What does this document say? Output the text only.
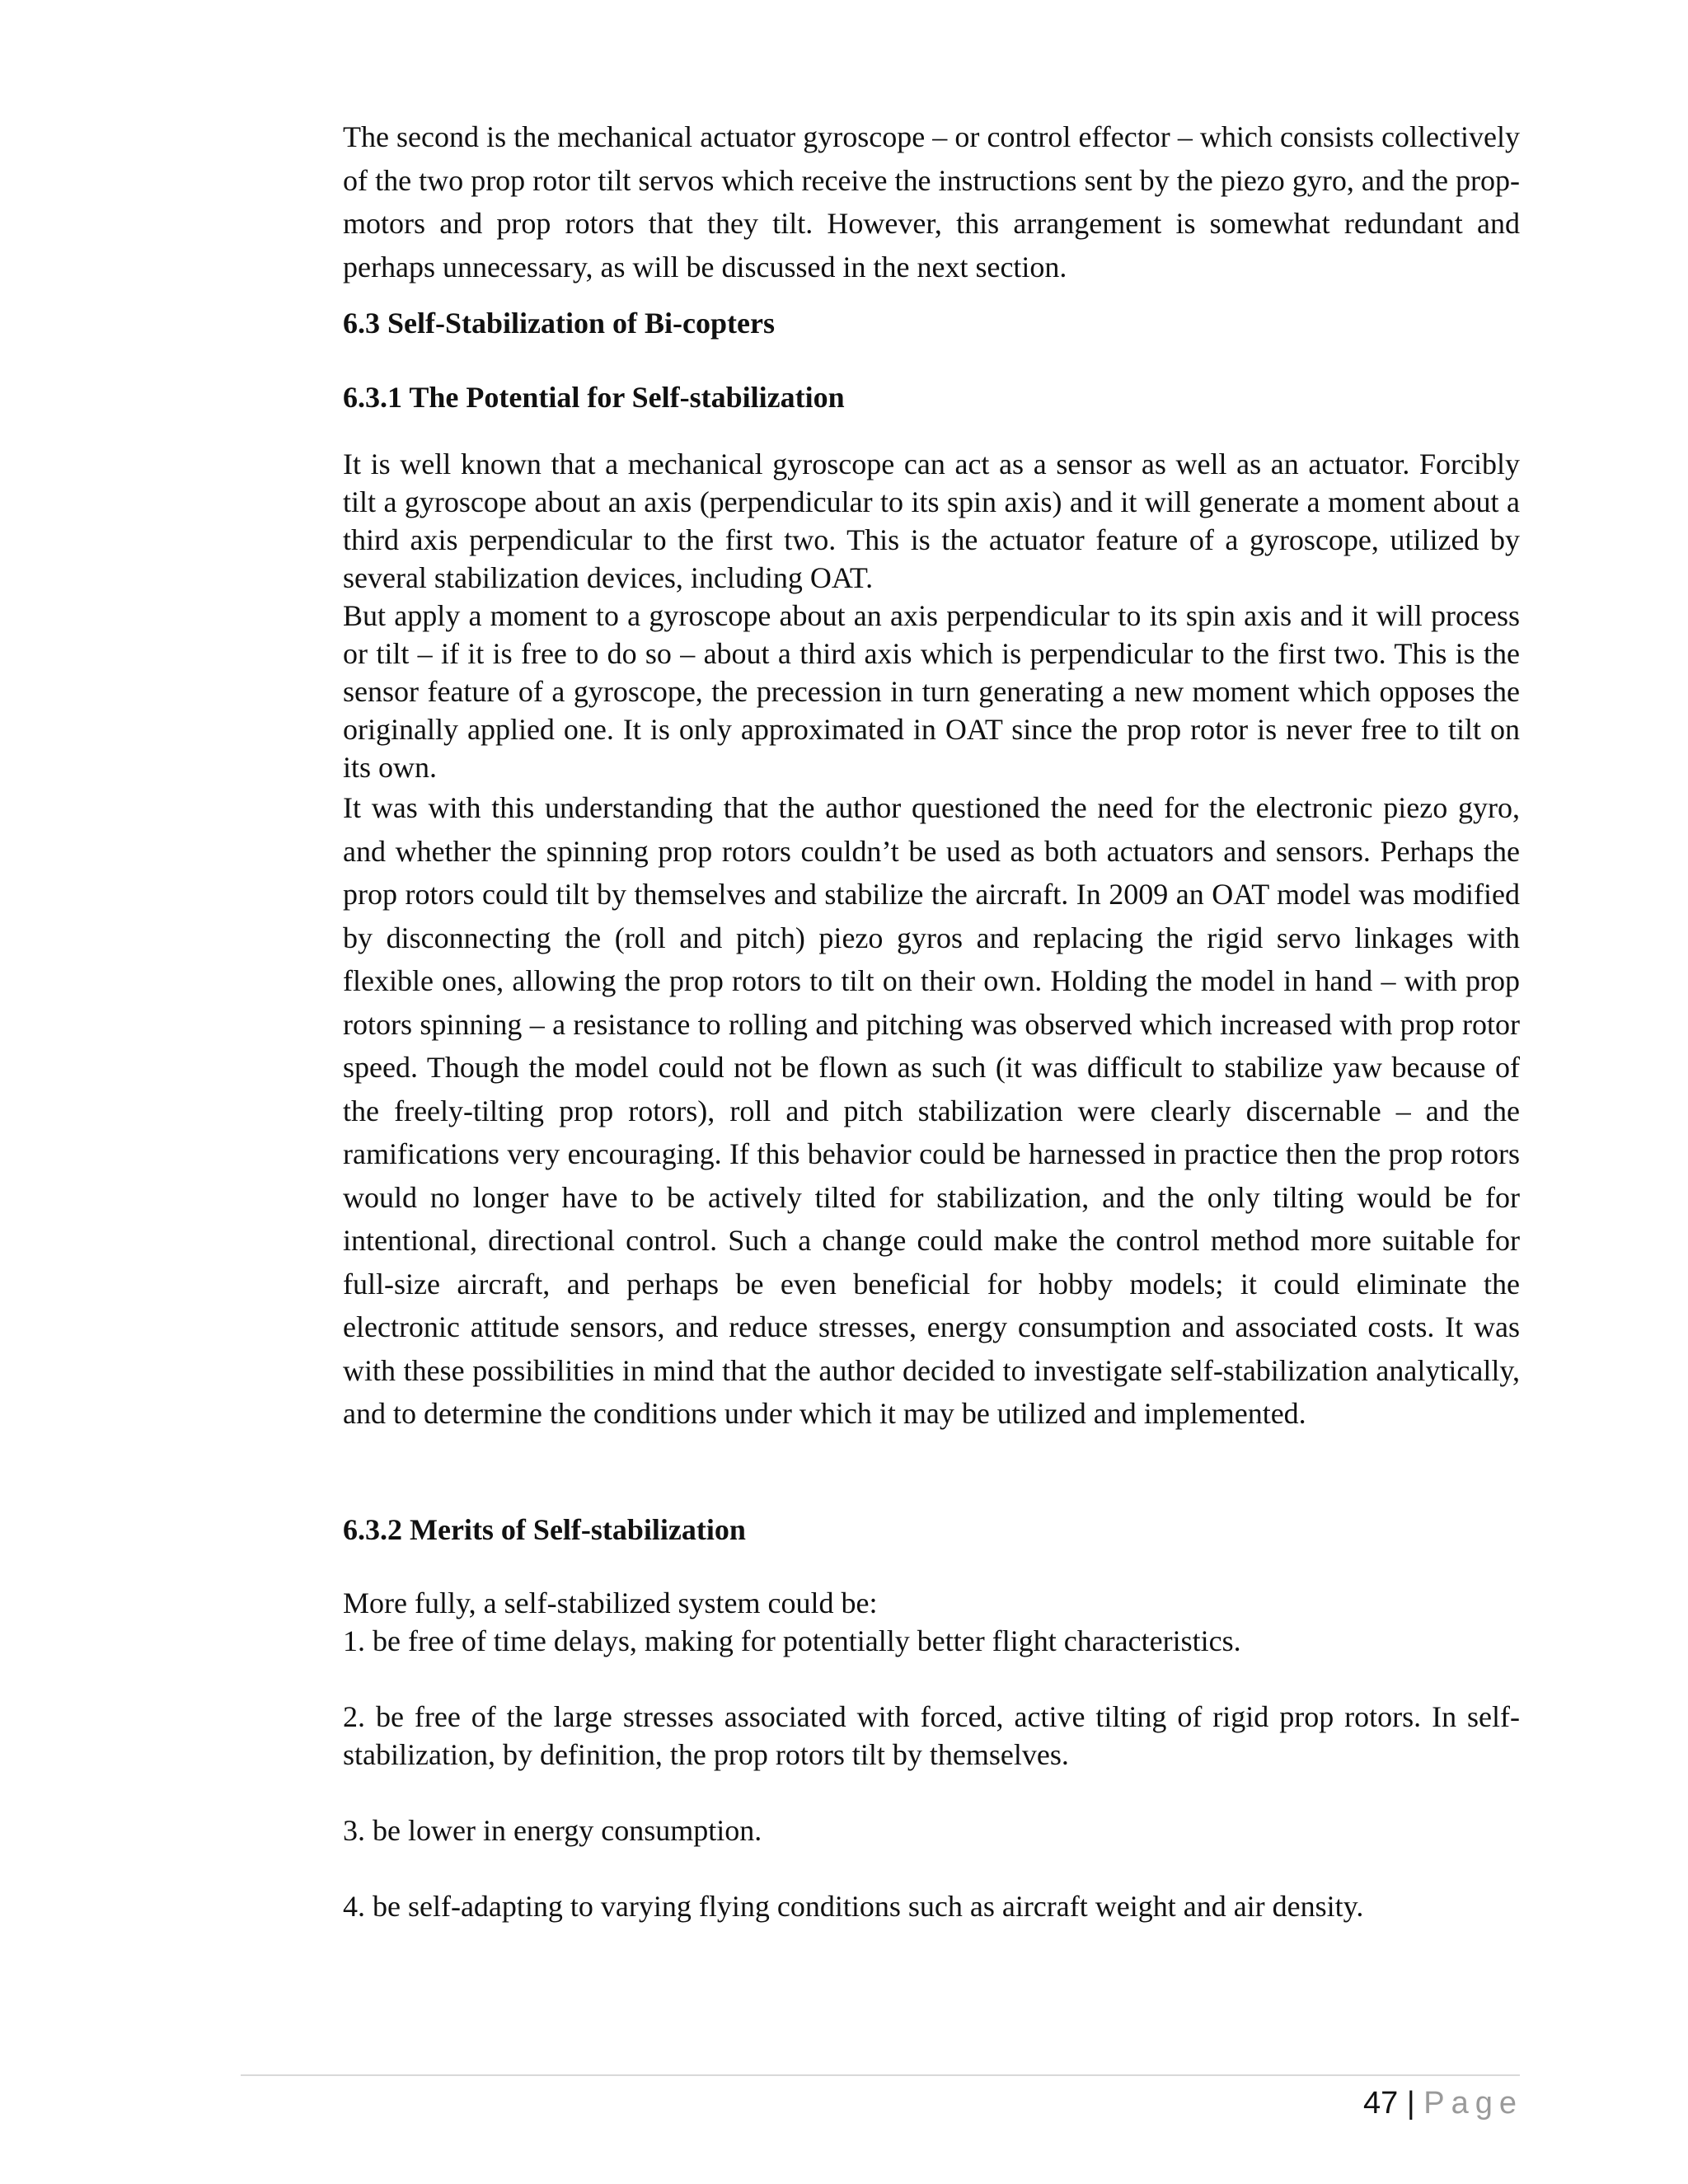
The second is the mechanical actuator gyroscope – or control effector – which consists collectively of the two prop rotor tilt servos which receive the instructions sent by the piezo gyro, and the prop-motors and prop rotors that they tilt. However, this arrangement is somewhat redundant and perhaps unnecessary, as will be discussed in the next section.

6.3 Self-Stabilization of Bi-copters
6.3.1 The Potential for Self-stabilization

It is well known that a mechanical gyroscope can act as a sensor as well as an actuator. Forcibly tilt a gyroscope about an axis (perpendicular to its spin axis) and it will generate a moment about a third axis perpendicular to the first two. This is the actuator feature of a gyroscope, utilized by several stabilization devices, including OAT.

But apply a moment to a gyroscope about an axis perpendicular to its spin axis and it will process or tilt – if it is free to do so – about a third axis which is perpendicular to the first two. This is the sensor feature of a gyroscope, the precession in turn generating a new moment which opposes the originally applied one. It is only approximated in OAT since the prop rotor is never free to tilt on its own.

It was with this understanding that the author questioned the need for the electronic piezo gyro, and whether the spinning prop rotors couldn’t be used as both actuators and sensors. Perhaps the prop rotors could tilt by themselves and stabilize the aircraft. In 2009 an OAT model was modified by disconnecting the (roll and pitch) piezo gyros and replacing the rigid servo linkages with flexible ones, allowing the prop rotors to tilt on their own. Holding the model in hand – with prop rotors spinning – a resistance to rolling and pitching was observed which increased with prop rotor speed. Though the model could not be flown as such (it was difficult to stabilize yaw because of the freely-tilting prop rotors), roll and pitch stabilization were clearly discernable – and the ramifications very encouraging. If this behavior could be harnessed in practice then the prop rotors would no longer have to be actively tilted for stabilization, and the only tilting would be for intentional, directional control. Such a change could make the control method more suitable for full-size aircraft, and perhaps be even beneficial for hobby models; it could eliminate the electronic attitude sensors, and reduce stresses, energy consumption and associated costs. It was with these possibilities in mind that the author decided to investigate self-stabilization analytically, and to determine the conditions under which it may be utilized and implemented.

6.3.2 Merits of Self-stabilization

More fully, a self-stabilized system could be:

1. be free of time delays, making for potentially better flight characteristics.

2. be free of the large stresses associated with forced, active tilting of rigid prop rotors. In self-stabilization, by definition, the prop rotors tilt by themselves.

3. be lower in energy consumption.

4. be self-adapting to varying flying conditions such as aircraft weight and air density.

47 | Page
